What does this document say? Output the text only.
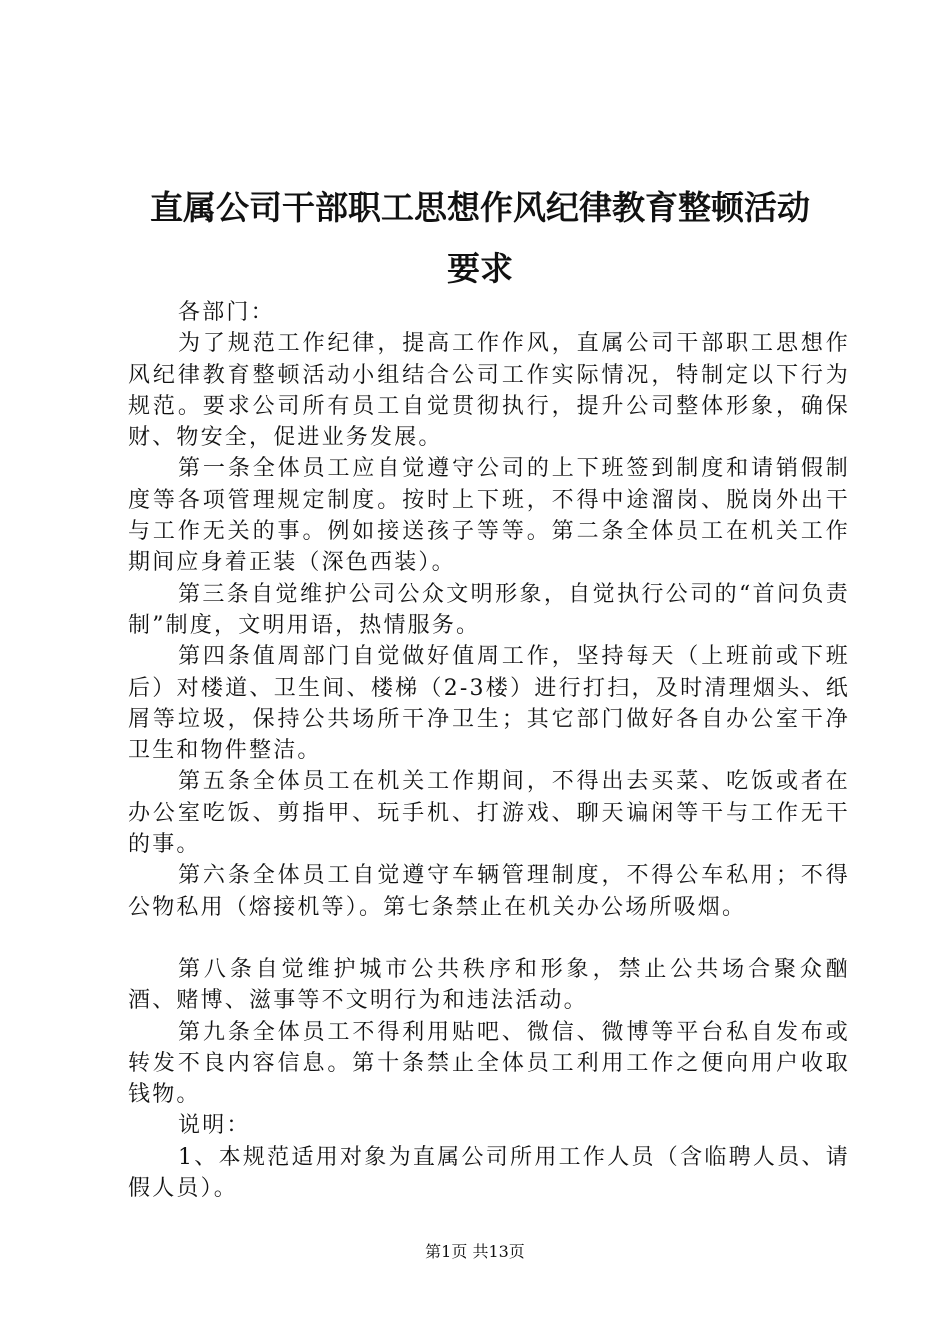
直属公司干部职工思想作风纪律教育整顿活动
要求

各部门：

为了规范工作纪律，提高工作作风，直属公司干部职工思想作风纪律教育整顿活动小组结合公司工作实际情况，特制定以下行为规范。要求公司所有员工自觉贯彻执行，提升公司整体形象，确保财、物安全，促进业务发展。

第一条全体员工应自觉遵守公司的上下班签到制度和请销假制度等各项管理规定制度。按时上下班，不得中途溜岗、脱岗外出干与工作无关的事。例如接送孩子等等。第二条全体员工在机关工作期间应身着正装（深色西装）。

第三条自觉维护公司公众文明形象，自觉执行公司的“首问负责制”制度，文明用语，热情服务。

第四条值周部门自觉做好值周工作，坚持每天（上班前或下班后）对楼道、卫生间、楼梯（2-3楼）进行打扫，及时清理烟头、纸屑等垃圾，保持公共场所干净卫生；其它部门做好各自办公室干净卫生和物件整洁。

第五条全体员工在机关工作期间，不得出去买菜、吃饭或者在办公室吃饭、剪指甲、玩手机、打游戏、聊天谝闲等干与工作无干的事。

第六条全体员工自觉遵守车辆管理制度，不得公车私用；不得公物私用（熔接机等）。第七条禁止在机关办公场所吸烟。

第八条自觉维护城市公共秩序和形象，禁止公共场合聚众酗酒、赌博、滋事等不文明行为和违法活动。

第九条全体员工不得利用贴吧、微信、微博等平台私自发布或转发不良内容信息。第十条禁止全体员工利用工作之便向用户收取钱物。

说明：

1、本规范适用对象为直属公司所用工作人员（含临聘人员、请假人员）。

第1页 共13页
